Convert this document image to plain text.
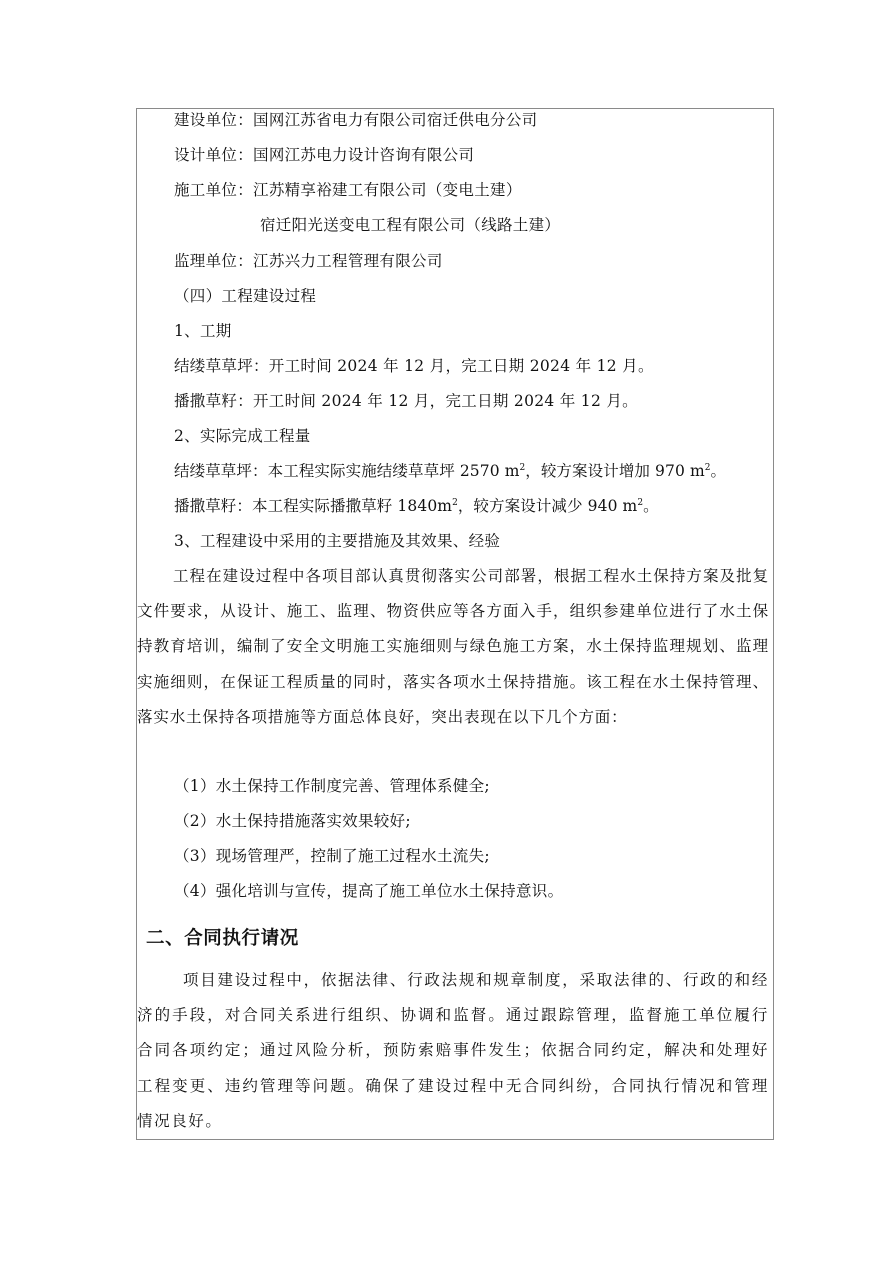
建设单位：国网江苏省电力有限公司宿迁供电分公司
设计单位：国网江苏电力设计咨询有限公司
施工单位：江苏精享裕建工有限公司（变电土建）
宿迁阳光送变电工程有限公司（线路土建）
监理单位：江苏兴力工程管理有限公司
（四）工程建设过程
1、工期
结缕草草坪：开工时间 2024 年 12 月，完工日期 2024 年 12 月。
播撒草籽：开工时间 2024 年 12 月，完工日期 2024 年 12 月。
2、实际完成工程量
结缕草草坪：本工程实际实施结缕草草坪 2570 $m^2$，较方案设计增加 970 $m^2$。
播撒草籽：本工程实际播撒草籽 $1840m^2$，较方案设计减少 940 $m^2$。
3、工程建设中采用的主要措施及其效果、经验
工程在建设过程中各项目部认真贯彻落实公司部署，根据工程水土保持方案及批复文件要求，从设计、施工、监理、物资供应等各方面入手，组织参建单位进行了水土保持教育培训，编制了安全文明施工实施细则与绿色施工方案，水土保持监理规划、监理实施细则，在保证工程质量的同时，落实各项水土保持措施。该工程在水土保持管理、落实水土保持各项措施等方面总体良好，突出表现在以下几个方面：
（1）水土保持工作制度完善、管理体系健全;
（2）水土保持措施落实效果较好;
（3）现场管理严，控制了施工过程水土流失;
（4）强化培训与宣传，提高了施工单位水土保持意识。
二、合同执行请况
项目建设过程中，依据法律、行政法规和规章制度，采取法律的、行政的和经济的手段，对合同关系进行组织、协调和监督。通过跟踪管理，监督施工单位履行合同各项约定；通过风险分析，预防索赔事件发生；依据合同约定，解决和处理好工程变更、违约管理等问题。确保了建设过程中无合同纠纷，合同执行情况和管理情况良好。
